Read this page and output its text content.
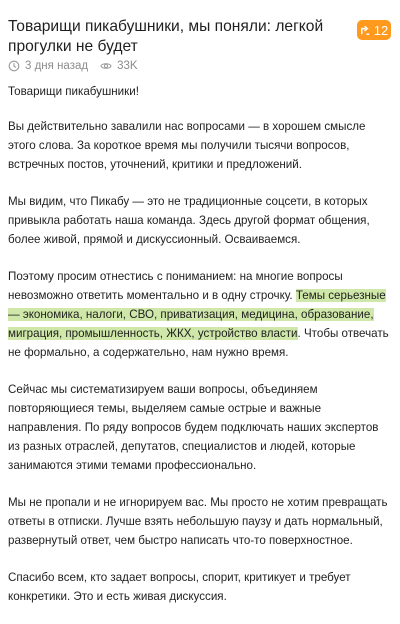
Товарищи пикабушники, мы поняли: легкой прогулки не будет
12
3 дня назад	33K

Товарищи пикабушники!

Вы действительно завалили нас вопросами — в хорошем смысле этого слова. За короткое время мы получили тысячи вопросов, встречных постов, уточнений, критики и предложений.

Мы видим, что Пикабу — это не традиционные соцсети, в которых привыкла работать наша команда. Здесь другой формат общения, более живой, прямой и дискуссионный. Осваиваемся.

Поэтому просим отнестись с пониманием: на многие вопросы невозможно ответить моментально и в одну строчку. Темы серьезные — экономика, налоги, СВО, приватизация, медицина, образование, миграция, промышленность, ЖКХ, устройство власти. Чтобы отвечать не формально, а содержательно, нам нужно время.

Сейчас мы систематизируем ваши вопросы, объединяем повторяющиеся темы, выделяем самые острые и важные направления. По ряду вопросов будем подключать наших экспертов из разных отраслей, депутатов, специалистов и людей, которые занимаются этими темами профессионально.

Мы не пропали и не игнорируем вас. Мы просто не хотим превращать ответы в отписки. Лучше взять небольшую паузу и дать нормальный, развернутый ответ, чем быстро написать что-то поверхностное.

Спасибо всем, кто задает вопросы, спорит, критикует и требует конкретики. Это и есть живая дискуссия.
